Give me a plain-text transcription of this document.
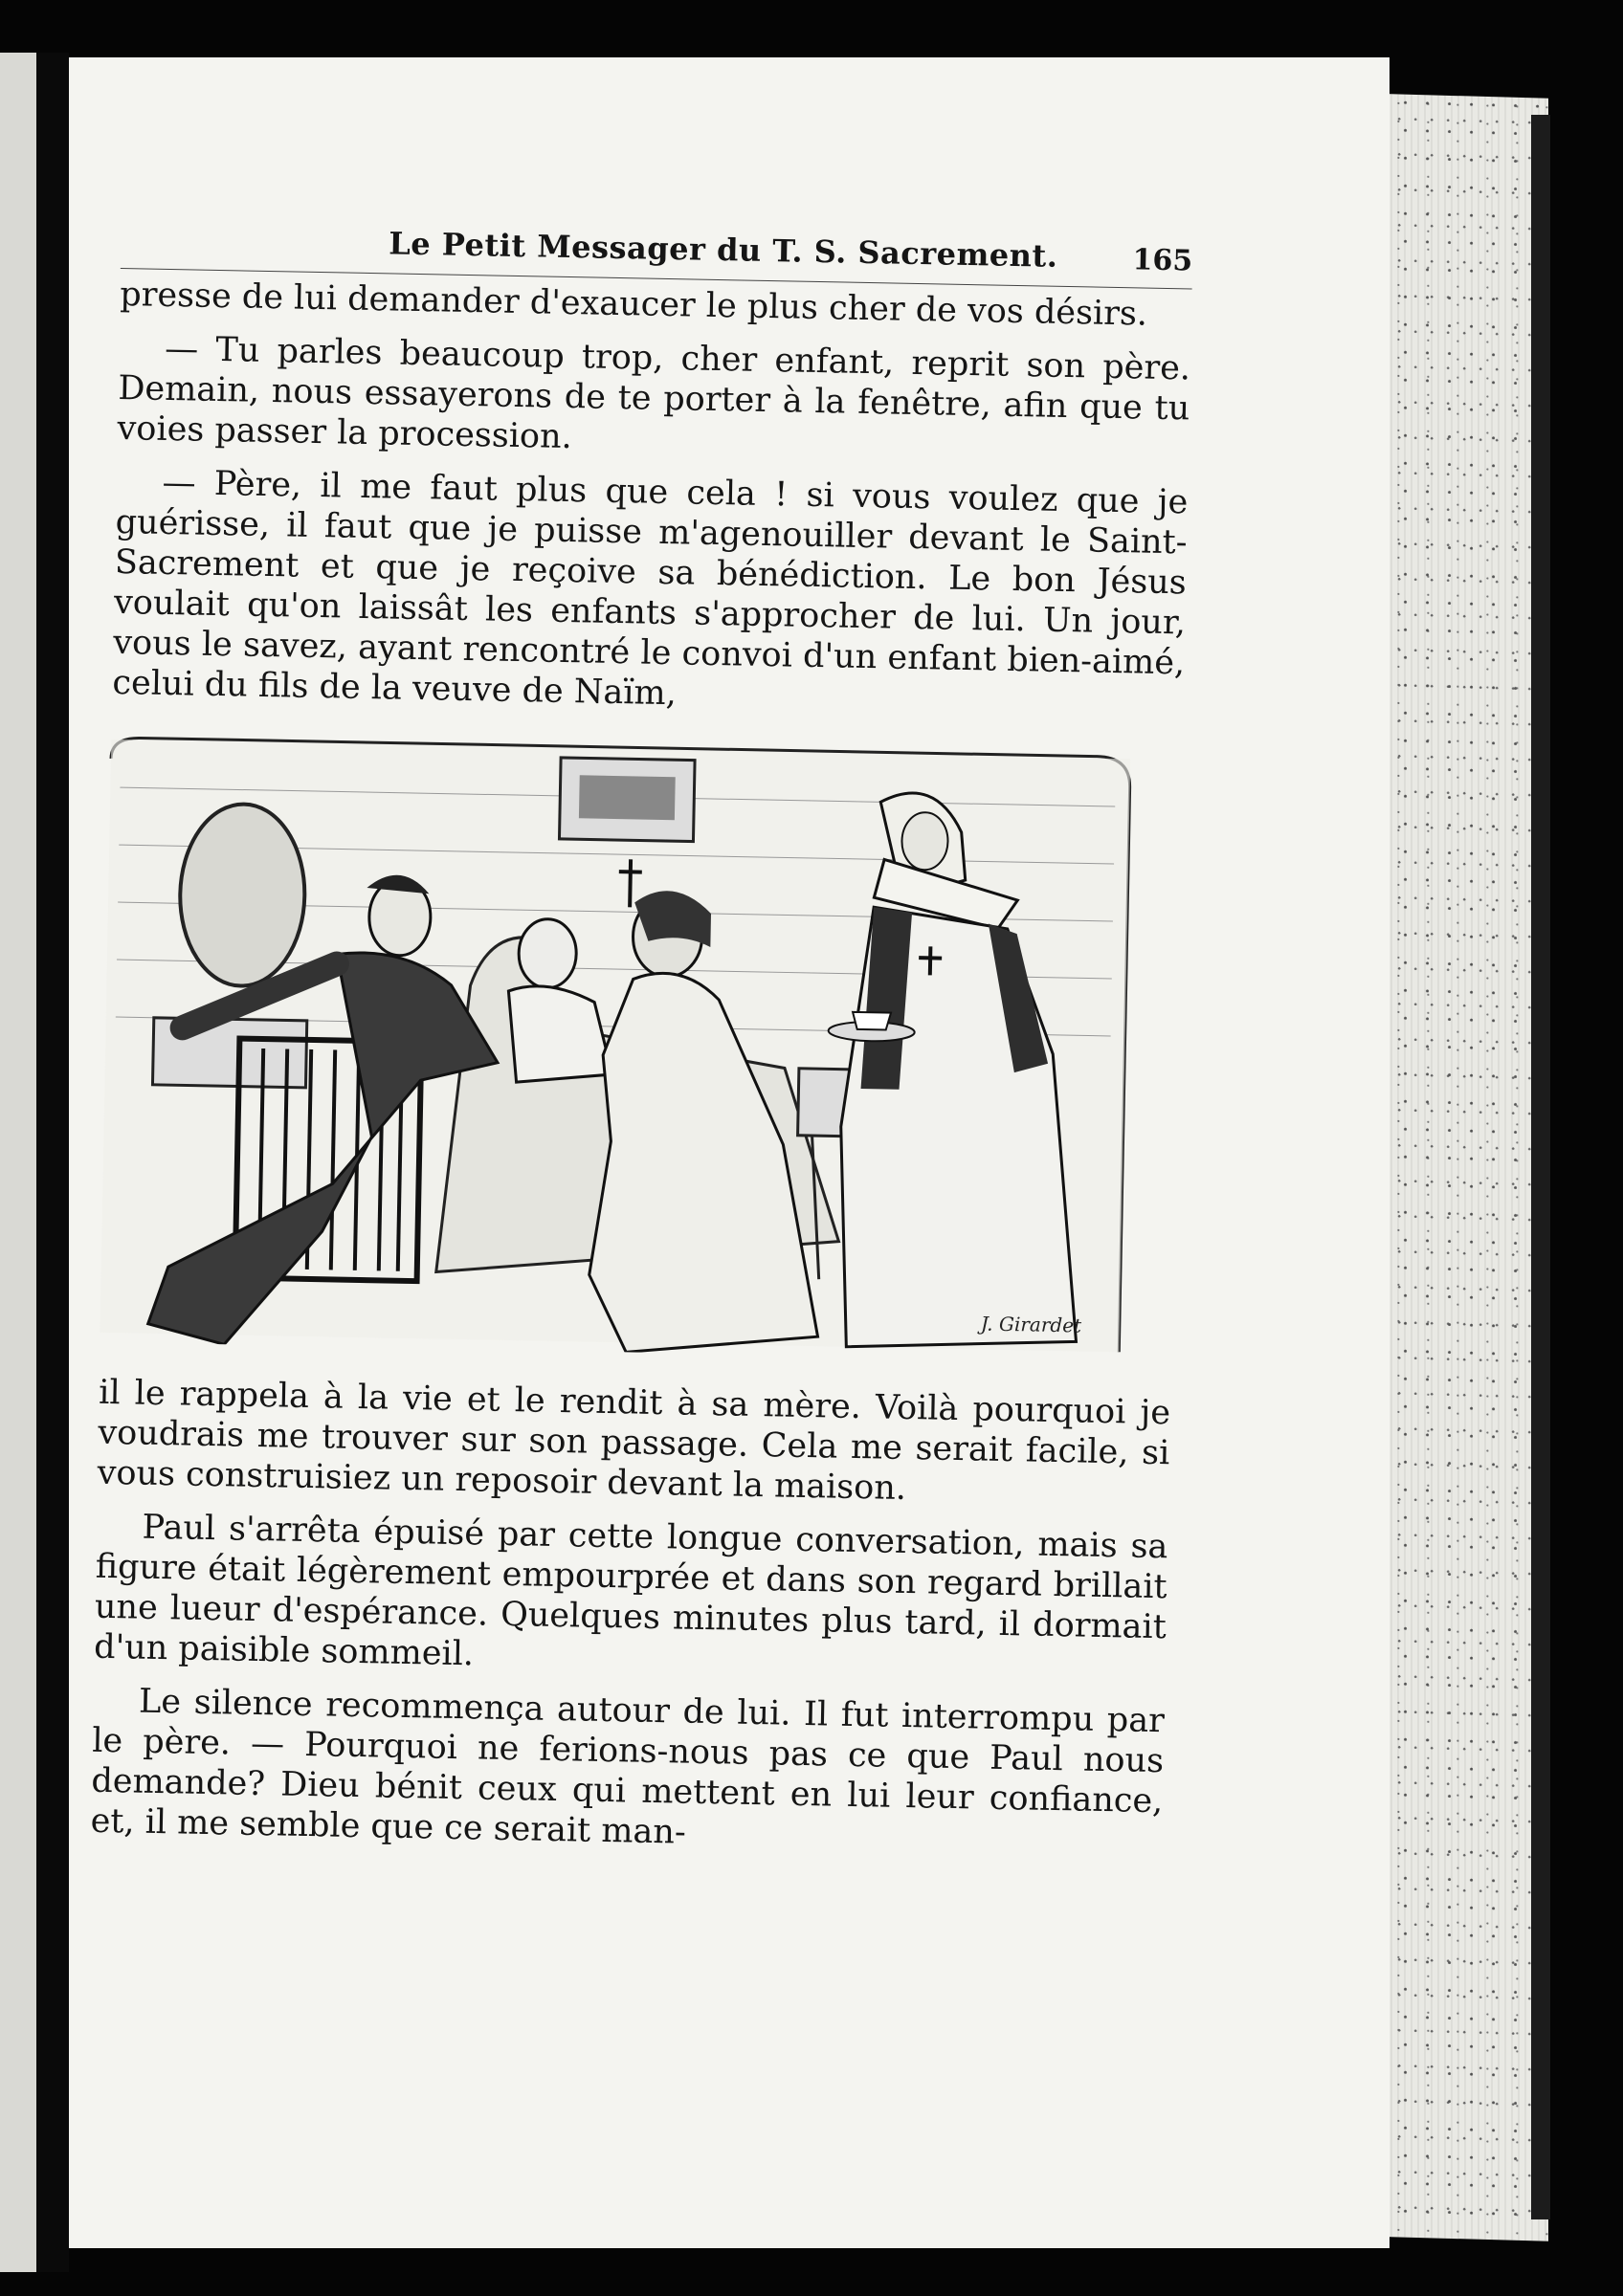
Le Petit Messager du T. S. Sacrement.	165

presse de lui demander d'exaucer le plus cher de vos désirs.

— Tu parles beaucoup trop, cher enfant, reprit son père. Demain, nous essayerons de te porter à la fenêtre, afin que tu voies passer la procession.

— Père, il me faut plus que cela ! si vous voulez que je guérisse, il faut que je puisse m'agenouiller devant le Saint-Sacrement et que je reçoive sa bénédiction. Le bon Jésus voulait qu'on laissât les enfants s'approcher de lui. Un jour, vous le savez, ayant rencontré le convoi d'un enfant bien-aimé, celui du fils de la veuve de Naïm,

J. Girardet

il le rappela à la vie et le rendit à sa mère. Voilà pourquoi je voudrais me trouver sur son passage. Cela me serait facile, si vous construisiez un reposoir devant la maison.

Paul s'arrêta épuisé par cette longue conversation, mais sa figure était légèrement empourprée et dans son regard brillait une lueur d'espérance. Quelques minutes plus tard, il dormait d'un paisible sommeil.

Le silence recommença autour de lui. Il fut interrompu par le père. — Pourquoi ne ferions-nous pas ce que Paul nous demande? Dieu bénit ceux qui mettent en lui leur confiance, et, il me semble que ce serait man-
